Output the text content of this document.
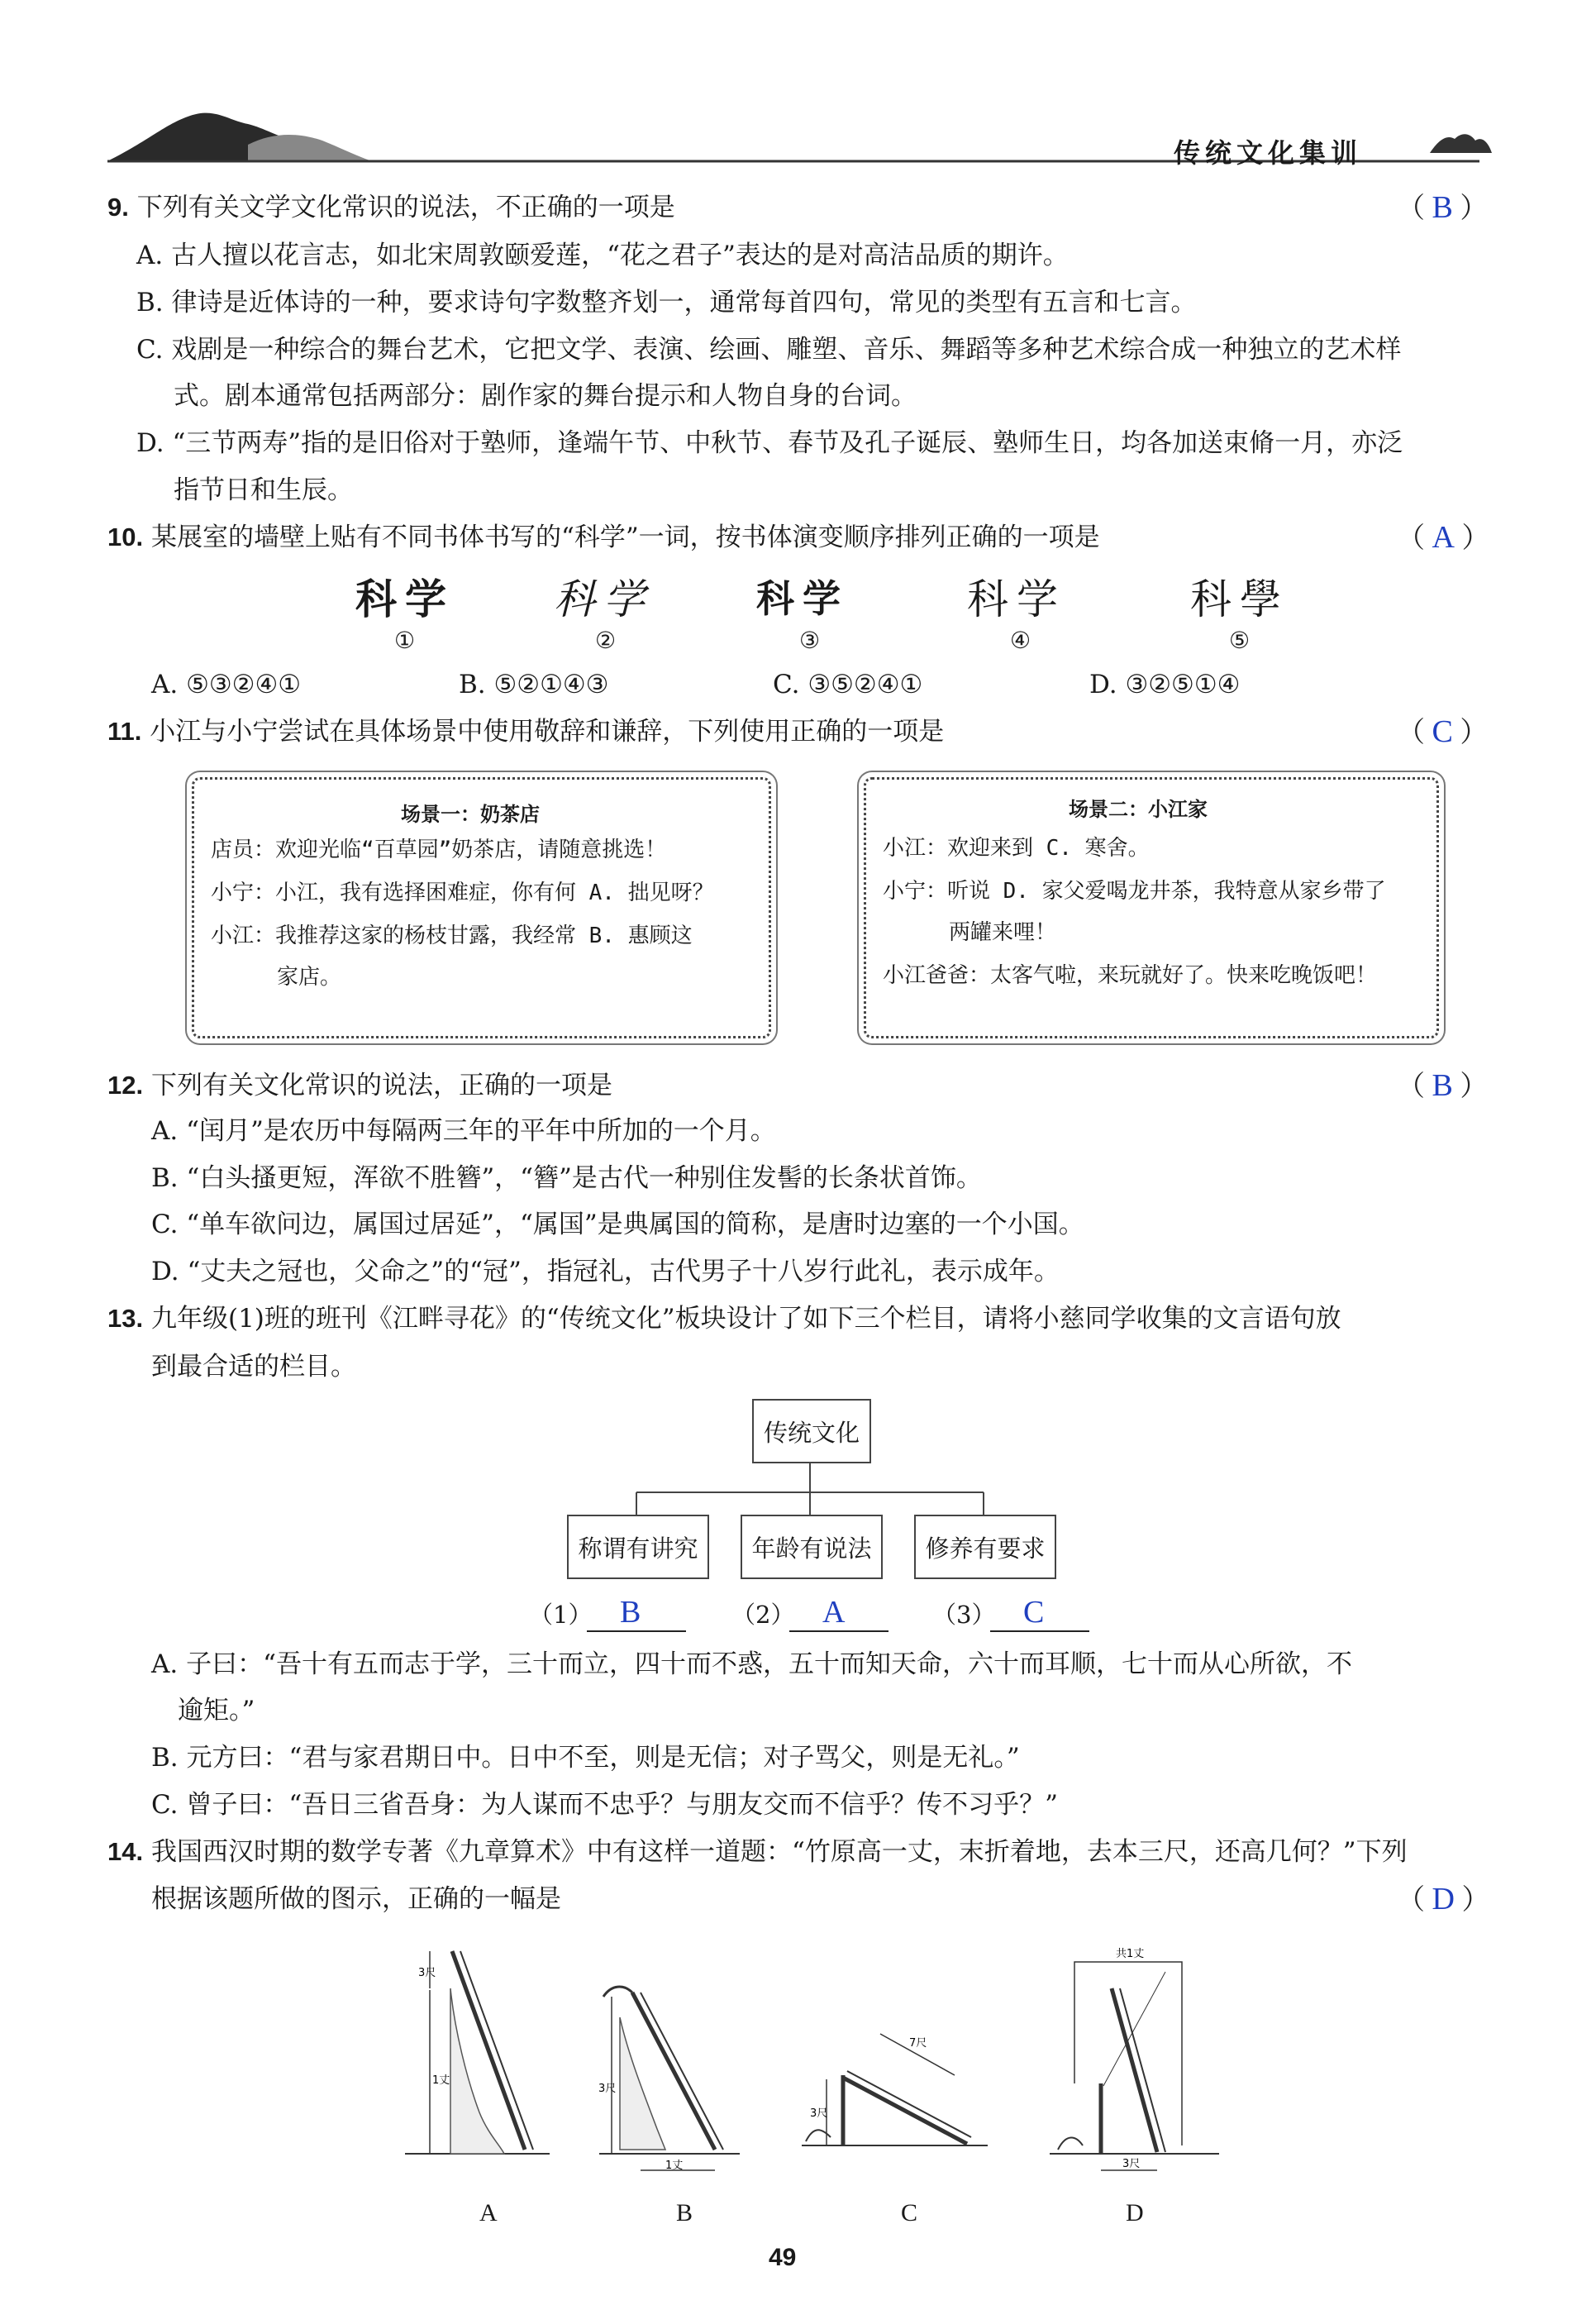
传统文化集训
9. 下列有关文学文化常识的说法，不正确的一项是	（ B ）
A. 古人擅以花言志，如北宋周敦颐爱莲，“花之君子”表达的是对高洁品质的期许。
B. 律诗是近体诗的一种，要求诗句字数整齐划一，通常每首四句，常见的类型有五言和七言。
C. 戏剧是一种综合的舞台艺术，它把文学、表演、绘画、雕塑、音乐、舞蹈等多种艺术综合成一种独立的艺术样
式。剧本通常包括两部分：剧作家的舞台提示和人物自身的台词。
D. “三节两寿”指的是旧俗对于塾师，逢端午节、中秋节、春节及孔子诞辰、塾师生日，均各加送束脩一月，亦泛
指节日和生辰。
10. 某展室的墙壁上贴有不同书体书写的“科学”一词，按书体演变顺序排列正确的一项是	（ A ）
科学 科学	科学	科学	科學
①	②	③	④	⑤
A. ⑤③②④①	B. ⑤②①④③	C. ③⑤②④①	D. ③②⑤①④
11. 小江与小宁尝试在具体场景中使用敬辞和谦辞，下列使用正确的一项是	（ C ）
场景一：奶茶店
店员：欢迎光临“百草园”奶茶店，请随意挑选！
小宁：小江，我有选择困难症，你有何 A. 拙见呀？
小江：我推荐这家的杨枝甘露，我经常 B. 惠顾这
家店。
场景二：小江家
小江：欢迎来到 C. 寒舍。
小宁：听说 D. 家父爱喝龙井茶，我特意从家乡带了
两罐来哩！
小江爸爸：太客气啦，来玩就好了。快来吃晚饭吧！
12. 下列有关文化常识的说法，正确的一项是	（ B ）
A. “闰月”是农历中每隔两三年的平年中所加的一个月。
B. “白头搔更短，浑欲不胜簪”，“簪”是古代一种别住发髻的长条状首饰。
C. “单车欲问边，属国过居延”，“属国”是典属国的简称，是唐时边塞的一个小国。
D. “丈夫之冠也，父命之”的“冠”，指冠礼，古代男子十八岁行此礼，表示成年。
13. 九年级(1)班的班刊《江畔寻花》的“传统文化”板块设计了如下三个栏目，请将小慈同学收集的文言语句放
到最合适的栏目。
传统文化
称谓有讲究	年龄有说法	修养有要求
（1） B	（2） A	（3） C
A. 子曰：“吾十有五而志于学，三十而立，四十而不惑，五十而知天命，六十而耳顺，七十而从心所欲，不
逾矩。”
B. 元方曰：“君与家君期日中。日中不至，则是无信；对子骂父，则是无礼。”
C. 曾子曰：“吾日三省吾身：为人谋而不忠乎？与朋友交而不信乎？传不习乎？”
14. 我国西汉时期的数学专著《九章算术》中有这样一道题：“竹原高一丈，末折着地，去本三尺，还高几何？”下列
根据该题所做的图示，正确的一幅是	（ D ）
3尺
1丈
A
3尺
1丈
B
3尺
7尺
C
共1丈
3尺
D
49
